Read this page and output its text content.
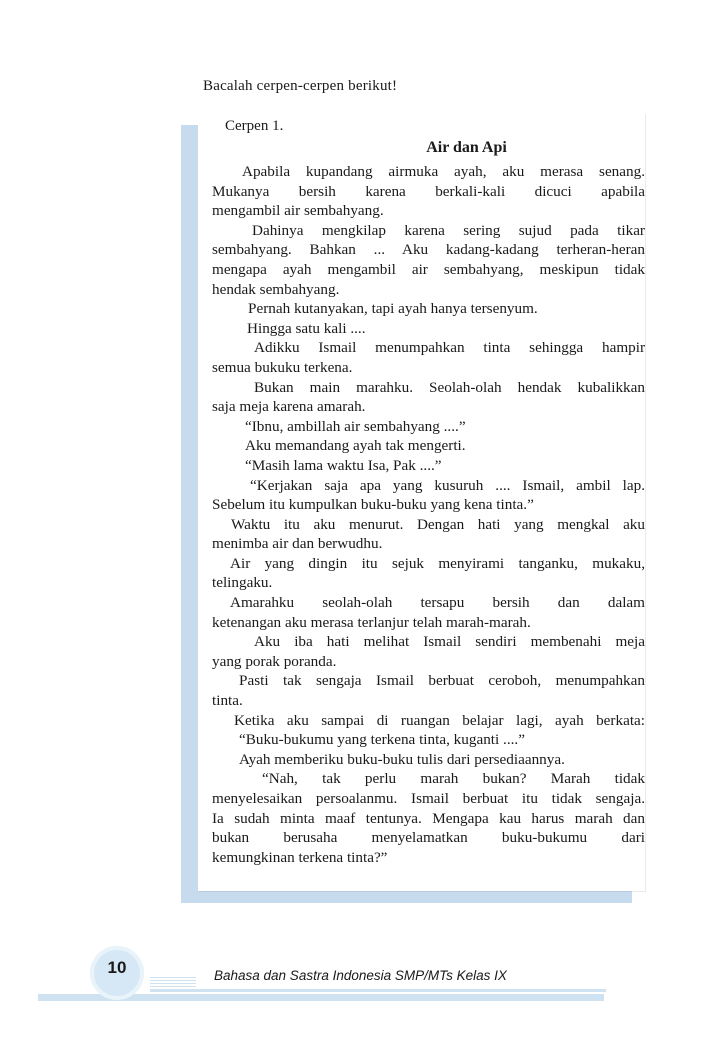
Bacalah cerpen-cerpen berikut!
Cerpen 1.
Air dan Api
Apabila kupandang airmuka ayah, aku merasa senang.
Mukanya bersih karena berkali-kali dicuci apabila
mengambil air sembahyang.
Dahinya mengkilap karena sering sujud pada tikar
sembahyang. Bahkan ... Aku kadang-kadang terheran-heran
mengapa ayah mengambil air sembahyang, meskipun tidak
hendak sembahyang.
Pernah kutanyakan, tapi ayah hanya tersenyum.
Hingga satu kali ....
Adikku Ismail menumpahkan tinta sehingga hampir
semua bukuku terkena.
Bukan main marahku. Seolah-olah hendak kubalikkan
saja meja karena amarah.
“Ibnu, ambillah air sembahyang ....”
Aku memandang ayah tak mengerti.
“Masih lama waktu Isa, Pak ....”
“Kerjakan saja apa yang kusuruh .... Ismail, ambil lap.
Sebelum itu kumpulkan buku-buku yang kena tinta.”
Waktu itu aku menurut. Dengan hati yang mengkal aku
menimba air dan berwudhu.
Air yang dingin itu sejuk menyirami tanganku, mukaku,
telingaku.
Amarahku seolah-olah tersapu bersih dan dalam
ketenangan aku merasa terlanjur telah marah-marah.
Aku iba hati melihat Ismail sendiri membenahi meja
yang porak poranda.
Pasti tak sengaja Ismail berbuat ceroboh, menumpahkan
tinta.
Ketika aku sampai di ruangan belajar lagi, ayah berkata:
“Buku-bukumu yang terkena tinta, kuganti ....”
Ayah memberiku buku-buku tulis dari persediaannya.
“Nah, tak perlu marah bukan? Marah tidak
menyelesaikan persoalanmu. Ismail berbuat itu tidak sengaja.
Ia sudah minta maaf tentunya. Mengapa kau harus marah dan
bukan berusaha menyelamatkan buku-bukumu dari
kemungkinan terkena tinta?”
10	Bahasa dan Sastra Indonesia SMP/MTs Kelas IX
